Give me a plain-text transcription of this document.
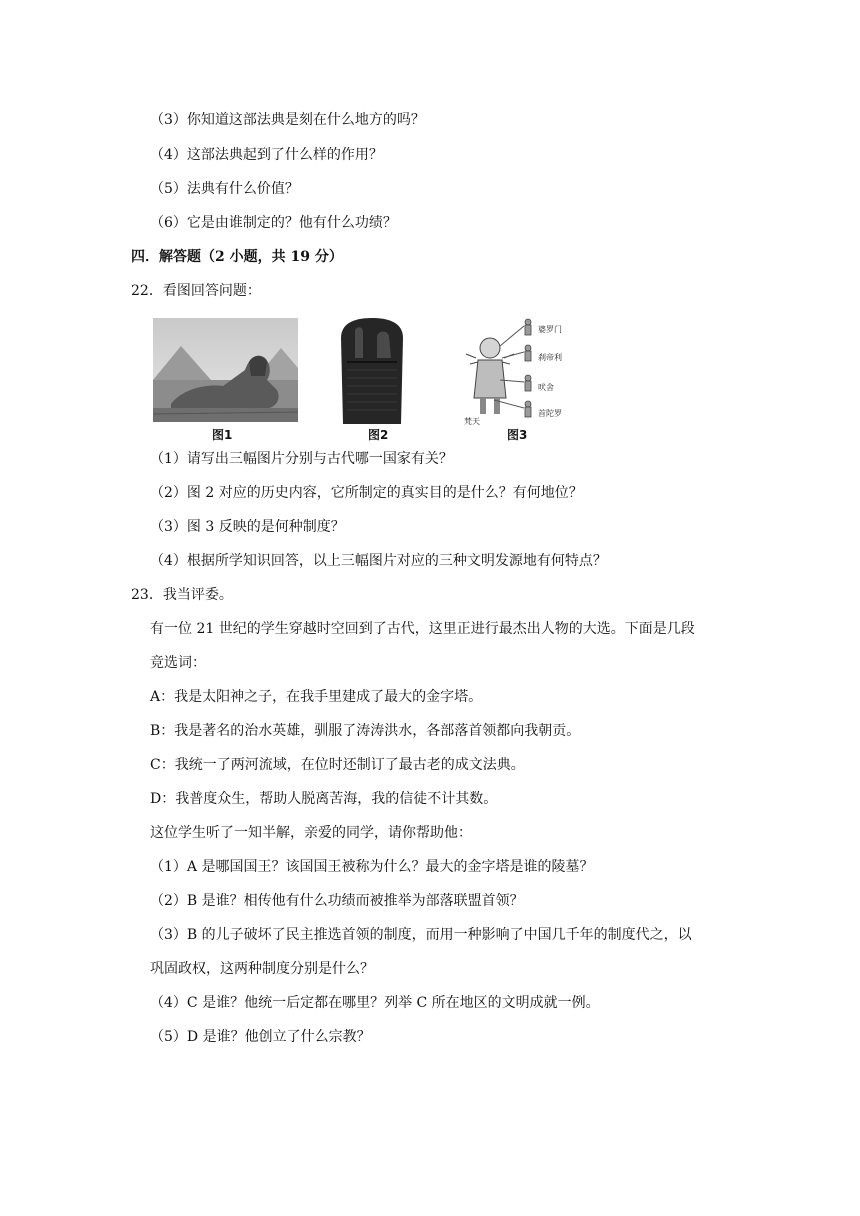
（3）你知道这部法典是刻在什么地方的吗？
（4）这部法典起到了什么样的作用？
（5）法典有什么价值？
（6）它是由谁制定的？他有什么功绩？
四．解答题（2 小题，共 19 分）
22．看图回答问题：
图1	图2
婆罗门
刹帝利
吠舍
首陀罗
梵天
图3
（1）请写出三幅图片分别与古代哪一国家有关？
（2）图 2 对应的历史内容，它所制定的真实目的是什么？有何地位？
（3）图 3 反映的是何种制度？
（4）根据所学知识回答，以上三幅图片对应的三种文明发源地有何特点？
23．我当评委。
有一位 21 世纪的学生穿越时空回到了古代，这里正进行最杰出人物的大选。下面是几段
竞选词：
A：我是太阳神之子，在我手里建成了最大的金字塔。
B：我是著名的治水英雄，驯服了涛涛洪水，各部落首领都向我朝贡。
C：我统一了两河流域，在位时还制订了最古老的成文法典。
D：我普度众生，帮助人脱离苦海，我的信徒不计其数。
这位学生听了一知半解，亲爱的同学，请你帮助他：
（1）A 是哪国国王？该国国王被称为什么？最大的金字塔是谁的陵墓？
（2）B 是谁？相传他有什么功绩而被推举为部落联盟首领？
（3）B 的儿子破坏了民主推选首领的制度，而用一种影响了中国几千年的制度代之，以
巩固政权，这两种制度分别是什么？
（4）C 是谁？他统一后定都在哪里？列举 C 所在地区的文明成就一例。
（5）D 是谁？他创立了什么宗教？
